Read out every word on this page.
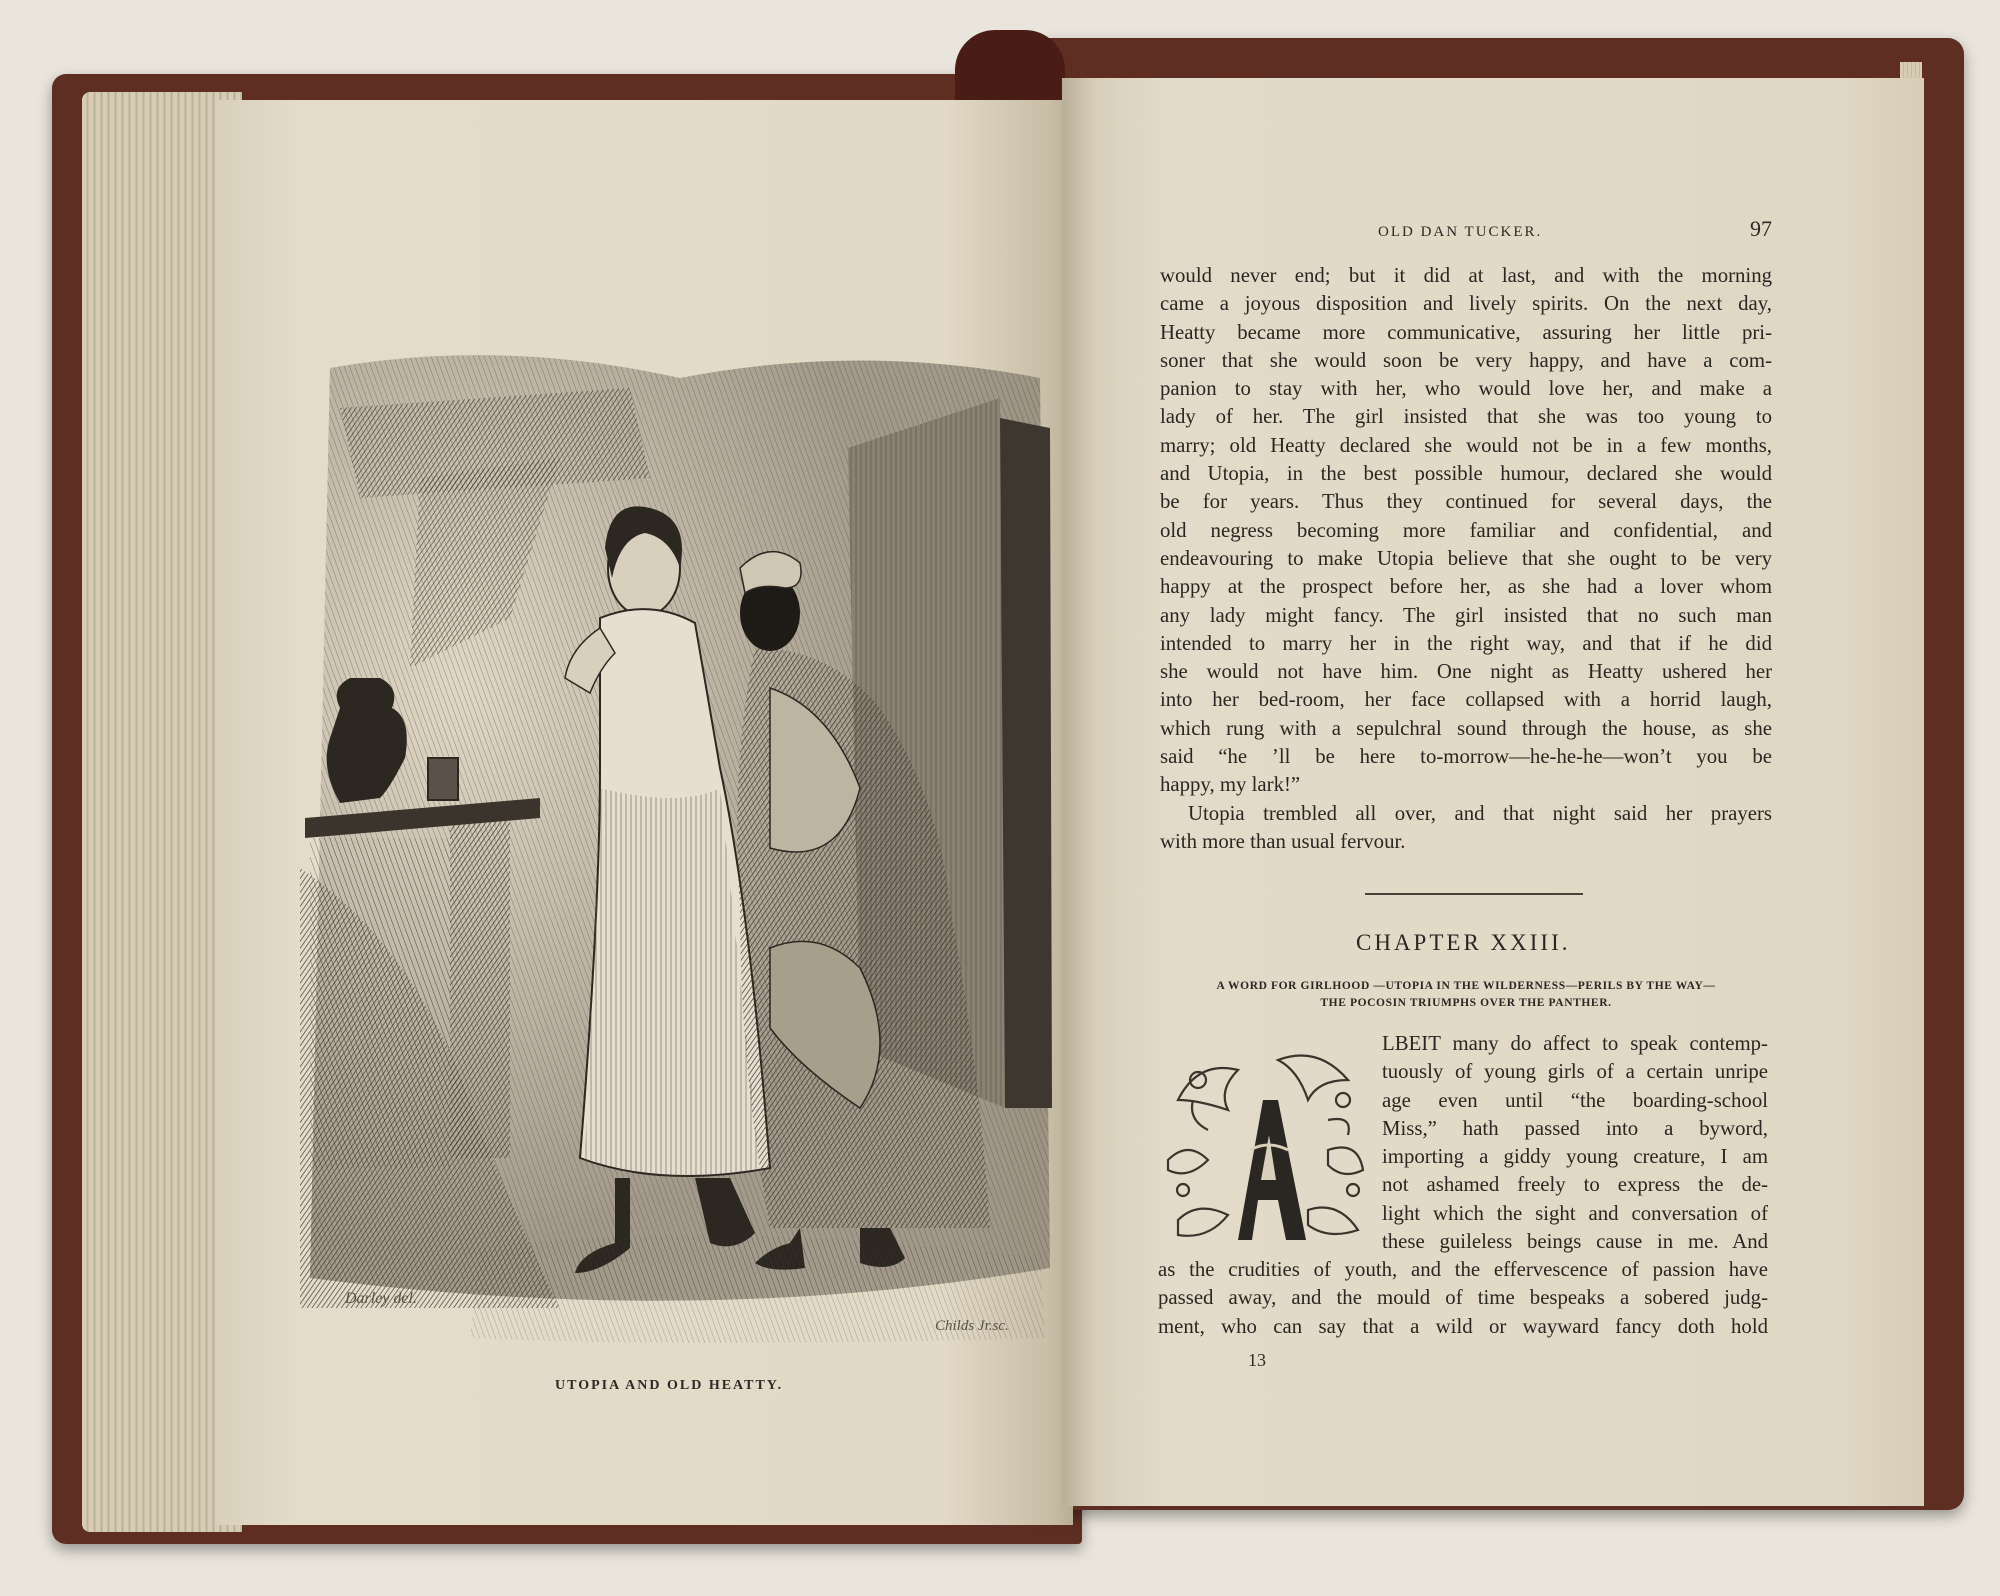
Darley del.
Childs Jr.sc.
UTOPIA AND OLD HEATTY.
OLD DAN TUCKER.	97

would never end; but it did at last, and with the morning
came a joyous disposition and lively spirits. On the next day,
Heatty became more communicative, assuring her little pri-
soner that she would soon be very happy, and have a com-
panion to stay with her, who would love her, and make a
lady of her. The girl insisted that she was too young to
marry; old Heatty declared she would not be in a few months,
and Utopia, in the best possible humour, declared she would
be for years. Thus they continued for several days, the
old negress becoming more familiar and confidential, and
endeavouring to make Utopia believe that she ought to be very
happy at the prospect before her, as she had a lover whom
any lady might fancy. The girl insisted that no such man
intended to marry her in the right way, and that if he did
she would not have him. One night as Heatty ushered her
into her bed-room, her face collapsed with a horrid laugh,
which rung with a sepulchral sound through the house, as she
said “he ’ll be here to-morrow—he-he-he—won’t you be
happy, my lark!”

Utopia trembled all over, and that night said her prayers
with more than usual fervour.

CHAPTER XXIII.
A WORD FOR GIRLHOOD —UTOPIA IN THE WILDERNESS—PERILS BY THE WAY—
THE POCOSIN TRIUMPHS OVER THE PANTHER.
LBEIT many do affect to speak contemp-
tuously of young girls of a certain unripe
age even until “the boarding-school
Miss,” hath passed into a byword,
importing a giddy young creature, I am
not ashamed freely to express the de-
light which the sight and conversation of
these guileless beings cause in me. And
as the crudities of youth, and the effervescence of passion have
passed away, and the mould of time bespeaks a sobered judg-
ment, who can say that a wild or wayward fancy doth hold
13
